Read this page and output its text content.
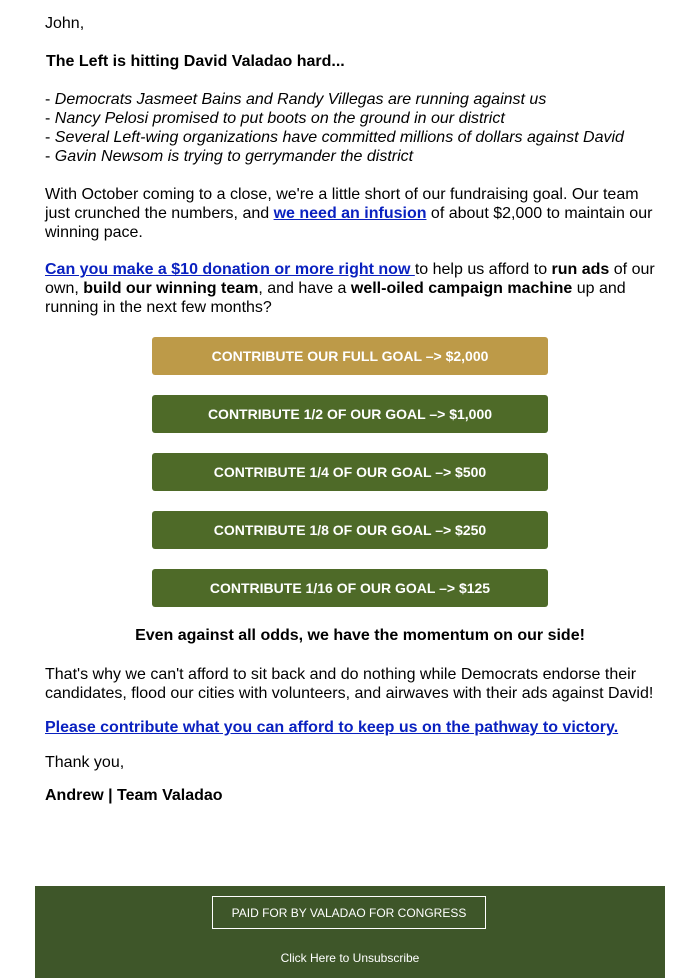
John,

The Left is hitting David Valadao hard...

- Democrats Jasmeet Bains and Randy Villegas are running against us
- Nancy Pelosi promised to put boots on the ground in our district
- Several Left-wing organizations have committed millions of dollars against David
- Gavin Newsom is trying to gerrymander the district

With October coming to a close, we're a little short of our fundraising goal. Our team just crunched the numbers, and we need an infusion of about $2,000 to maintain our winning pace.

Can you make a $10 donation or more right now to help us afford to run ads of our own, build our winning team, and have a well-oiled campaign machine up and running in the next few months?

CONTRIBUTE OUR FULL GOAL –> $2,000
CONTRIBUTE 1/2 OF OUR GOAL –> $1,000
CONTRIBUTE 1/4 OF OUR GOAL –> $500
CONTRIBUTE 1/8 OF OUR GOAL –> $250
CONTRIBUTE 1/16 OF OUR GOAL –> $125

Even against all odds, we have the momentum on our side!

That's why we can't afford to sit back and do nothing while Democrats endorse their candidates, flood our cities with volunteers, and airwaves with their ads against David!

Please contribute what you can afford to keep us on the pathway to victory.

Thank you,

Andrew | Team Valadao

PAID FOR BY VALADAO FOR CONGRESS
Click Here to Unsubscribe
